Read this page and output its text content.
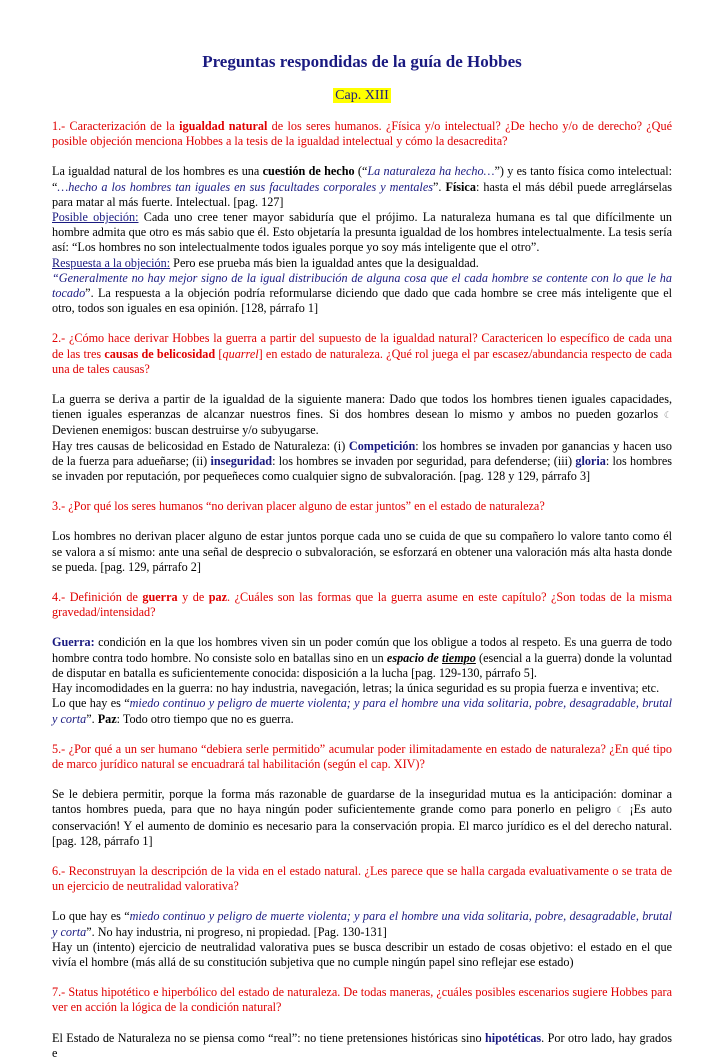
Preguntas respondidas de la guía de Hobbes
Cap. XIII

1.- Caracterización de la igualdad natural de los seres humanos. ¿Física y/o intelectual? ¿De hecho y/o de derecho? ¿Qué posible objeción menciona Hobbes a la tesis de la igualdad intelectual y cómo la desacredita?

La igualdad natural de los hombres es una cuestión de hecho (“La naturaleza ha hecho…”) y es tanto física como intelectual: “…hecho a los hombres tan iguales en sus facultades corporales y mentales”. Física: hasta el más débil puede arreglárselas para matar al más fuerte. Intelectual. [pag. 127]

Posible objeción: Cada uno cree tener mayor sabiduría que el prójimo. La naturaleza humana es tal que difícilmente un hombre admita que otro es más sabio que él. Esto objetaría la presunta igualdad de los hombres intelectualmente. La tesis sería así: “Los hombres no son intelectualmente todos iguales porque yo soy más inteligente que el otro”.

Respuesta a la objeción: Pero ese prueba más bien la igualdad antes que la desigualdad.

“Generalmente no hay mejor signo de la igual distribución de alguna cosa que el cada hombre se contente con lo que le ha tocado”. La respuesta a la objeción podría reformularse diciendo que dado que cada hombre se cree más inteligente que el otro, todos son iguales en esa opinión. [128, párrafo 1]

2.- ¿Cómo hace derivar Hobbes la guerra a partir del supuesto de la igualdad natural? Caractericen lo específico de cada una de las tres causas de belicosidad [quarrel] en estado de naturaleza. ¿Qué rol juega el par escasez/abundancia respecto de cada una de tales causas?

La guerra se deriva a partir de la igualdad de la siguiente manera: Dado que todos los hombres tienen iguales capacidades, tienen iguales esperanzas de alcanzar nuestros fines. Si dos hombres desean lo mismo y ambos no pueden gozarlos ☾ Devienen enemigos: buscan destruirse y/o subyugarse.

Hay tres causas de belicosidad en Estado de Naturaleza: (i) Competición: los hombres se invaden por ganancias y hacen uso de la fuerza para adueñarse; (ii) inseguridad: los hombres se invaden por seguridad, para defenderse; (iii) gloria: los hombres se invaden por reputación, por pequeñeces como cualquier signo de subvaloración. [pag. 128 y 129, párrafo 3]

3.- ¿Por qué los seres humanos “no derivan placer alguno de estar juntos” en el estado de naturaleza?

Los hombres no derivan placer alguno de estar juntos porque cada uno se cuida de que su compañero lo valore tanto como él se valora a sí mismo: ante una señal de desprecio o subvaloración, se esforzará en obtener una valoración más alta hasta donde se pueda. [pag. 129, párrafo 2]

4.- Definición de guerra y de paz. ¿Cuáles son las formas que la guerra asume en este capítulo? ¿Son todas de la misma gravedad/intensidad?

Guerra: condición en la que los hombres viven sin un poder común que los obligue a todos al respeto. Es una guerra de todo hombre contra todo hombre. No consiste solo en batallas sino en un espacio de tiempo (esencial a la guerra) donde la voluntad de disputar en batalla es suficientemente conocida: disposición a la lucha [pag. 129-130, párrafo 5].

Hay incomodidades en la guerra: no hay industria, navegación, letras; la única seguridad es su propia fuerza e inventiva; etc.

Lo que hay es “miedo continuo y peligro de muerte violenta; y para el hombre una vida solitaria, pobre, desagradable, brutal y corta”. Paz: Todo otro tiempo que no es guerra.

5.- ¿Por qué a un ser humano “debiera serle permitido” acumular poder ilimitadamente en estado de naturaleza? ¿En qué tipo de marco jurídico natural se encuadrará tal habilitación (según el cap. XIV)?

Se le debiera permitir, porque la forma más razonable de guardarse de la inseguridad mutua es la anticipación: dominar a tantos hombres pueda, para que no haya ningún poder suficientemente grande como para ponerlo en peligro ☾ ¡Es auto conservación! Y el aumento de dominio es necesario para la conservación propia. El marco jurídico es el del derecho natural. [pag. 128, párrafo 1]

6.- Reconstruyan la descripción de la vida en el estado natural. ¿Les parece que se halla cargada evaluativamente o se trata de un ejercicio de neutralidad valorativa?

Lo que hay es “miedo continuo y peligro de muerte violenta; y para el hombre una vida solitaria, pobre, desagradable, brutal y corta”. No hay industria, ni progreso, ni propiedad. [Pag. 130-131]

Hay un (intento) ejercicio de neutralidad valorativa pues se busca describir un estado de cosas objetivo: el estado en el que vivía el hombre (más allá de su constitución subjetiva que no cumple ningún papel sino reflejar ese estado)

7.- Status hipotético e hiperbólico del estado de naturaleza. De todas maneras, ¿cuáles posibles escenarios sugiere Hobbes para ver en acción la lógica de la condición natural?

El Estado de Naturaleza no se piensa como “real”: no tiene pretensiones históricas sino hipotéticas. Por otro lado, hay grados e
